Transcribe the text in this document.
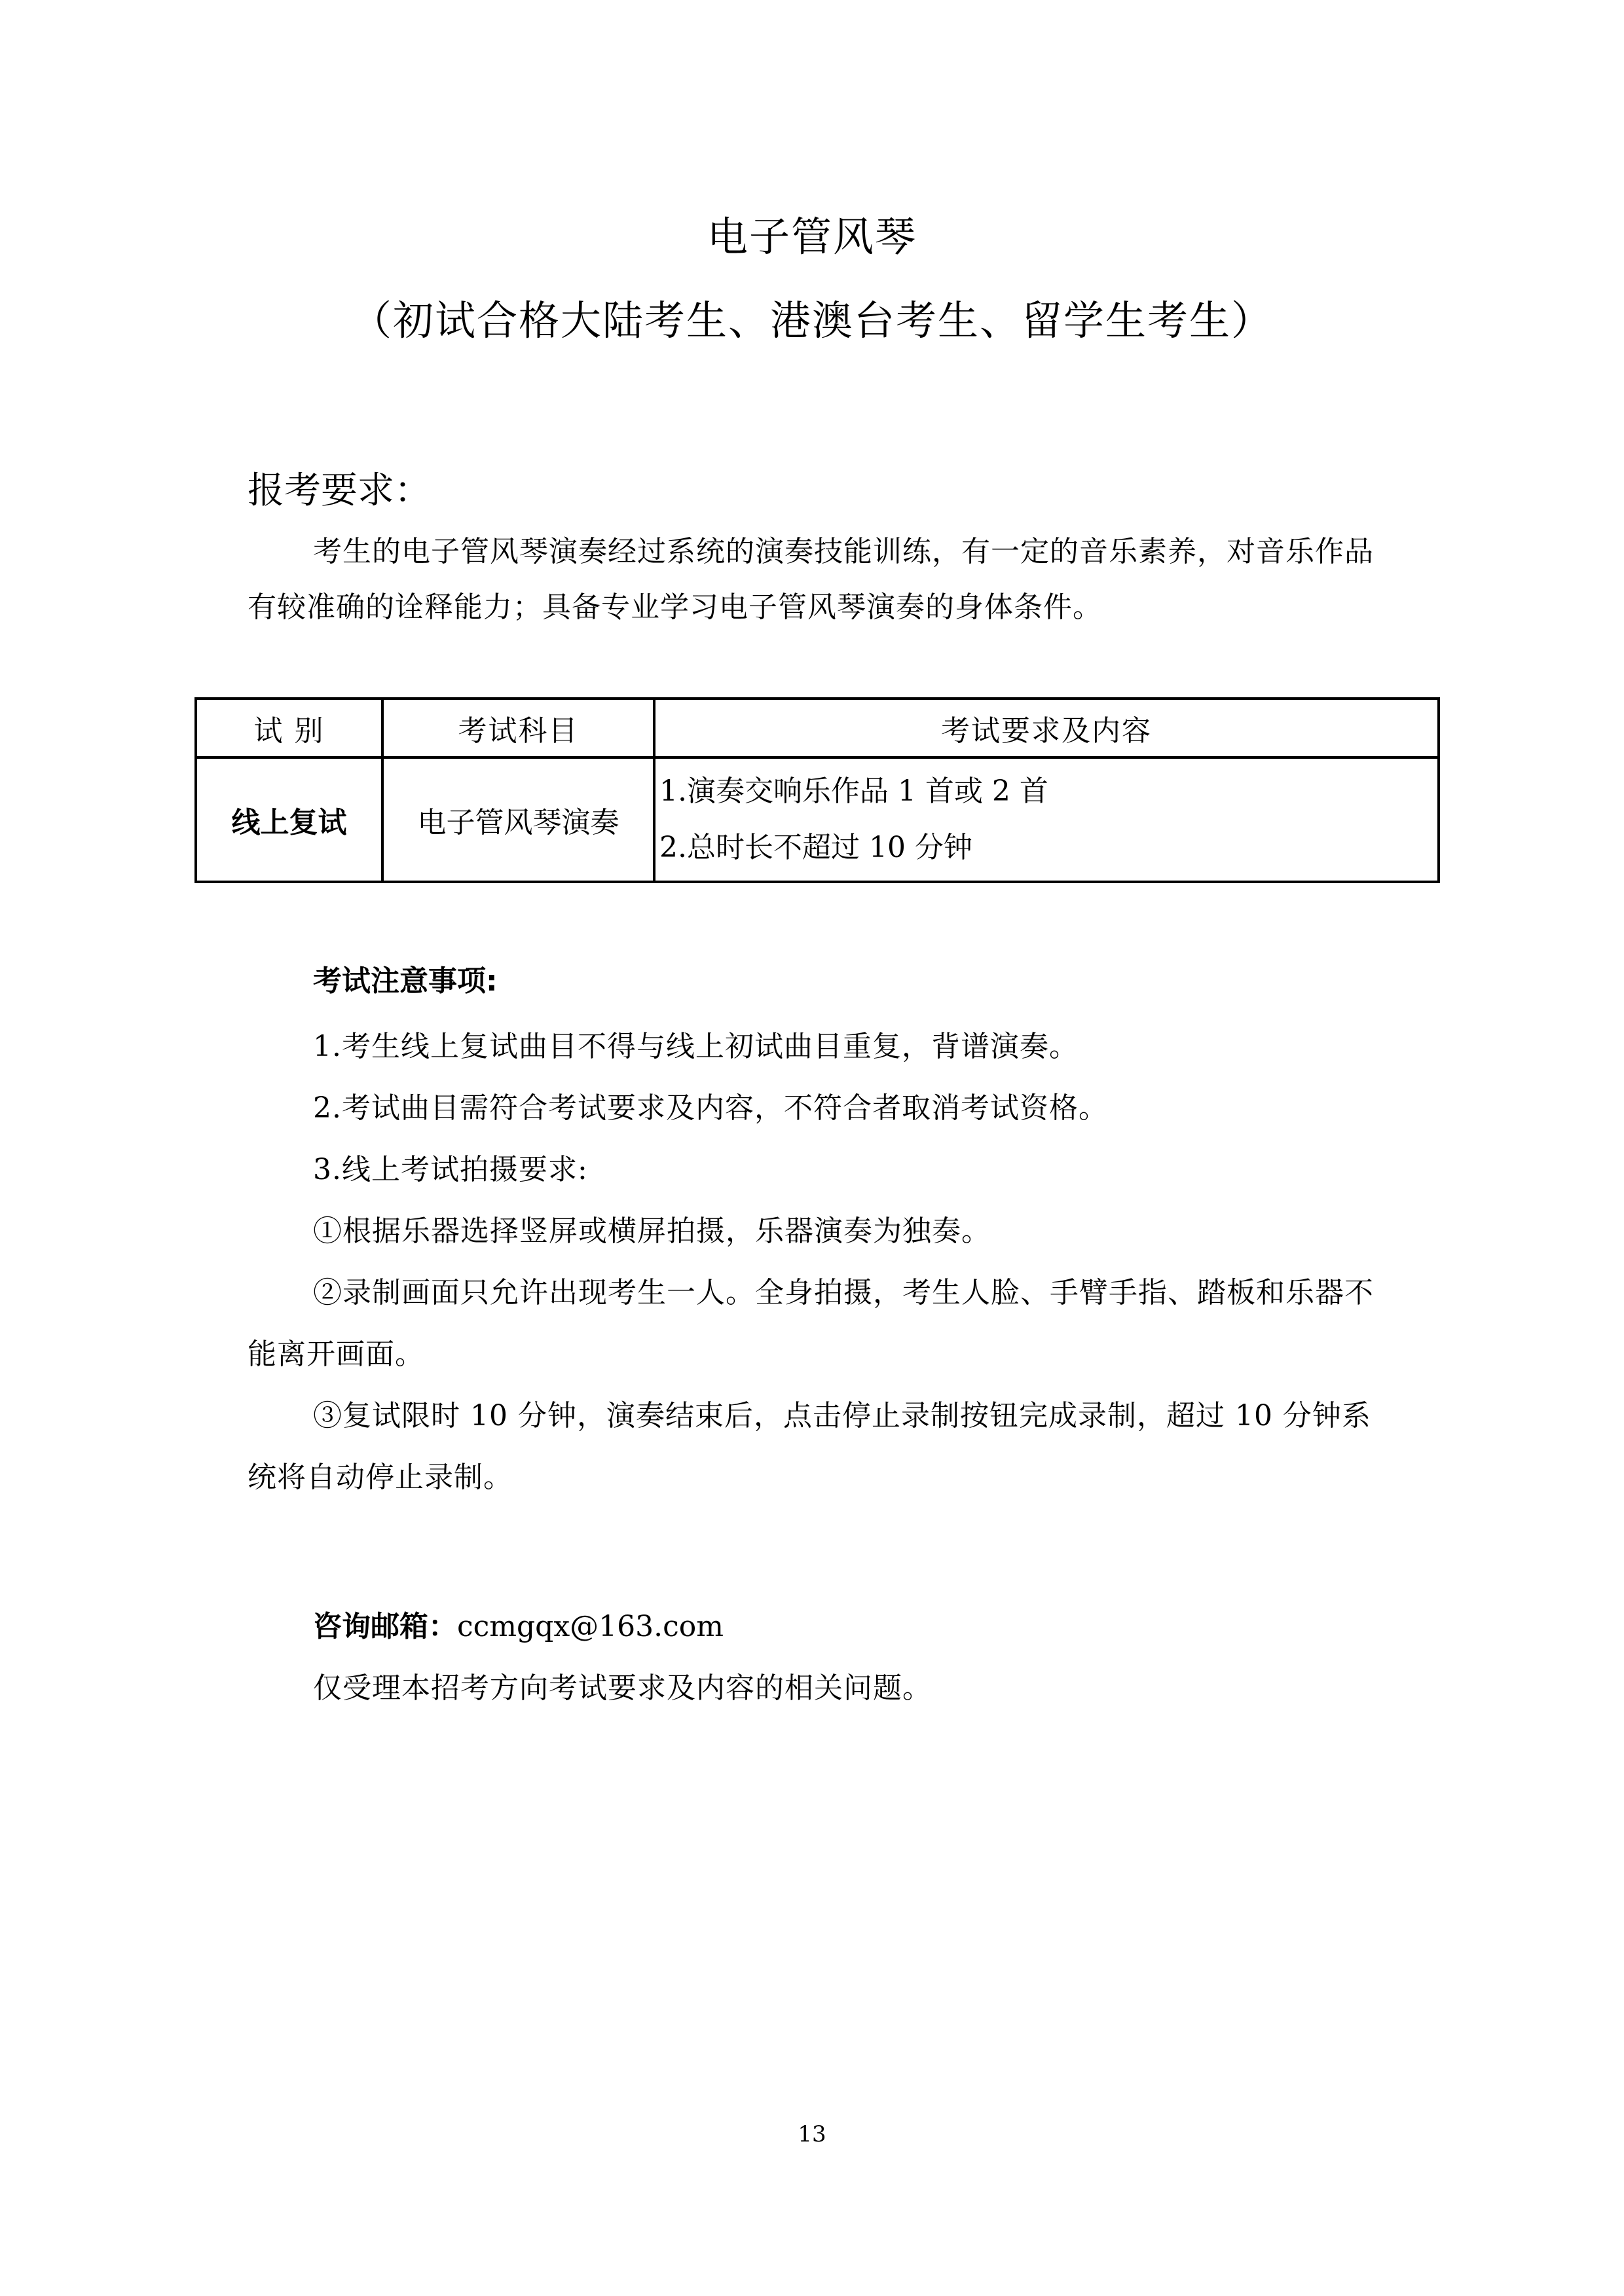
电子管风琴
（初试合格大陆考生、港澳台考生、留学生考生）
报考要求：
考生的电子管风琴演奏经过系统的演奏技能训练，有一定的音乐素养，对音乐作品有较准确的诠释能力；具备专业学习电子管风琴演奏的身体条件。
试 别	考试科目	考试要求及内容
线上复试	电子管风琴演奏	1.演奏交响乐作品 1 首或 2 首
2.总时长不超过 10 分钟
考试注意事项:
1.考生线上复试曲目不得与线上初试曲目重复，背谱演奏。
2.考试曲目需符合考试要求及内容，不符合者取消考试资格。
3.线上考试拍摄要求:
①根据乐器选择竖屏或横屏拍摄，乐器演奏为独奏。
②录制画面只允许出现考生一人。全身拍摄，考生人脸、手臂手指、踏板和乐器不能离开画面。
③复试限时 10 分钟，演奏结束后，点击停止录制按钮完成录制，超过 10 分钟系统将自动停止录制。
咨询邮箱：ccmgqx@163.com
仅受理本招考方向考试要求及内容的相关问题。
13
